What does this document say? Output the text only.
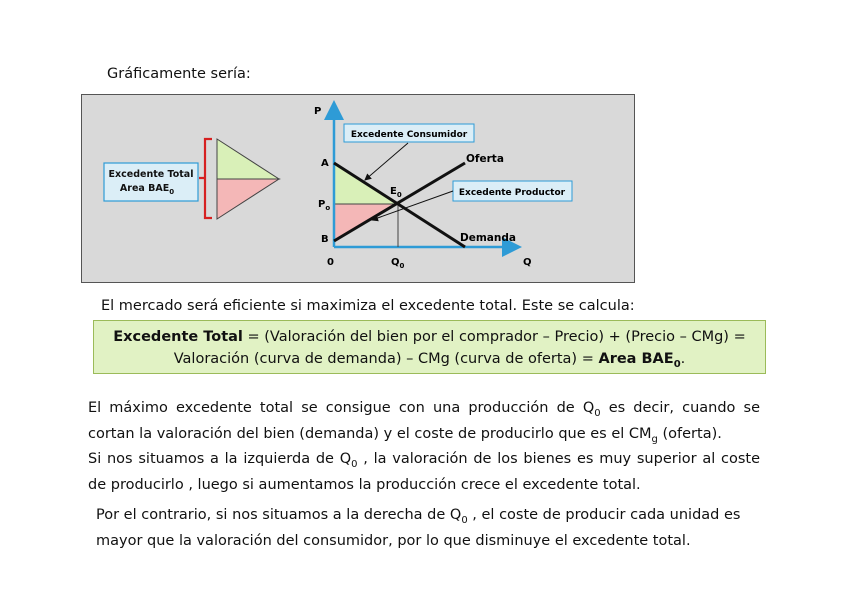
Gráficamente sería:
Excedente Total
Area $BAE_0$
P
Q
0
A
B
$P_o$
$Q_0$
$E_0$
Oferta
Demanda
Excedente Consumidor
Excedente Productor
El mercado será eficiente si maximiza el excedente total. Este se calcula:
Excedente Total = (Valoración del bien por el comprador – Precio) + (Precio – CMg) =
Valoración (curva de demanda) – CMg (curva de oferta) = Area $BAE_0$.
El máximo excedente total se consigue con una producción de $Q_0$ es decir, cuando se cortan la valoración del bien (demanda) y el coste de producirlo que es el $CM_g$ (oferta).
Si nos situamos a la izquierda de $Q_0$ , la valoración de los bienes es muy superior al coste de producirlo , luego si aumentamos la producción crece el excedente total.
Por el contrario, si nos situamos a la derecha de $Q_0$ , el coste de producir cada unidad es mayor que la valoración del consumidor, por lo que disminuye el excedente total.
